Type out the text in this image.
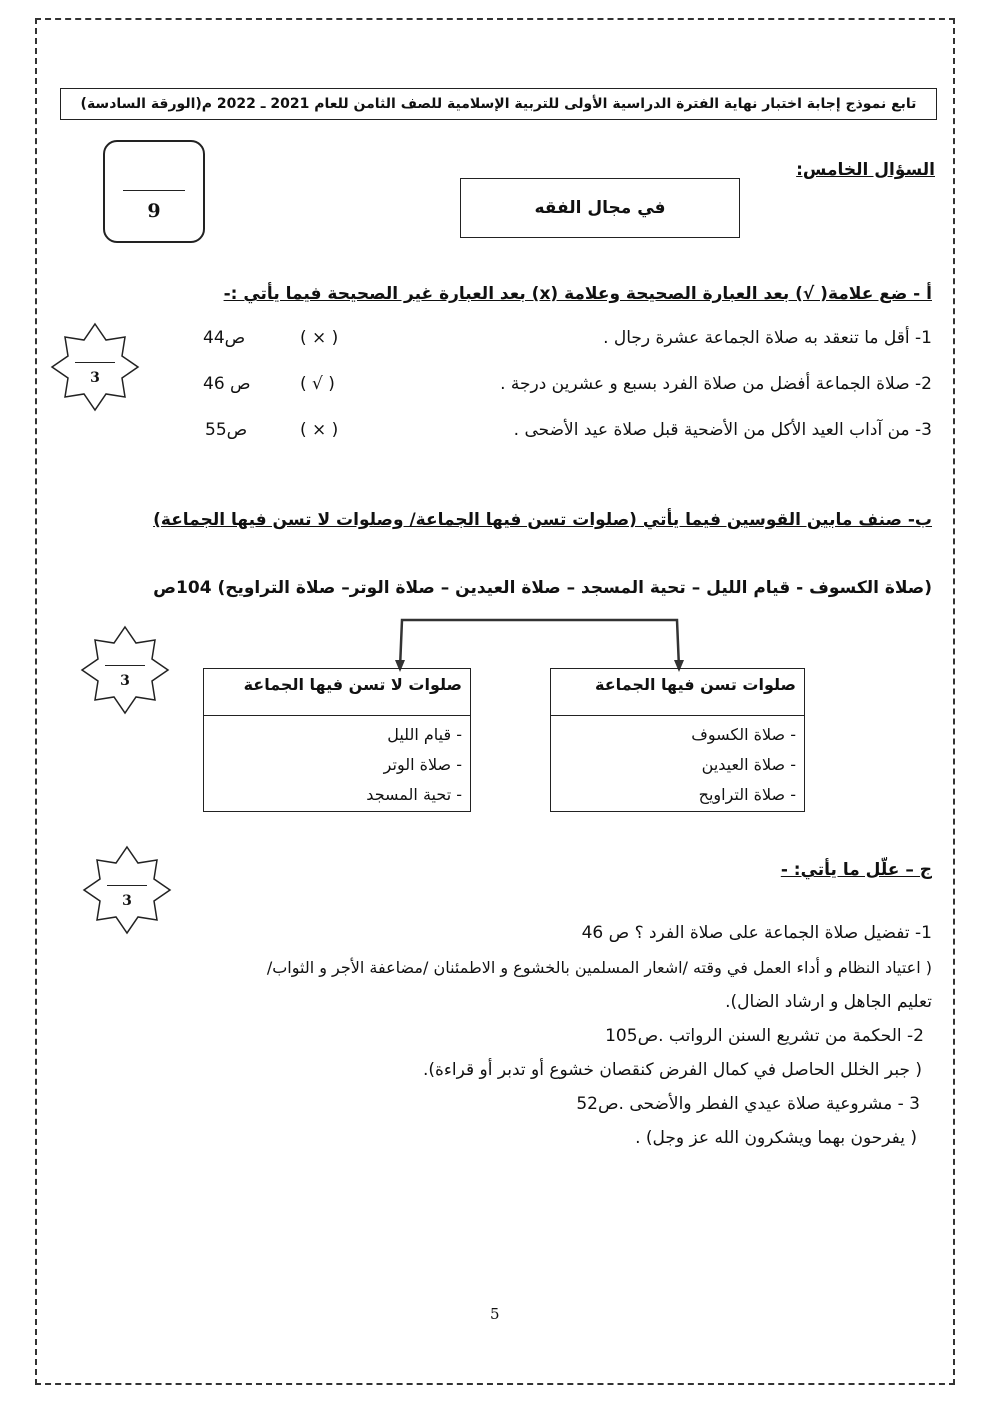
تابع نموذج إجابة اختبار نهاية الفترة الدراسية الأولى للتربية الإسلامية للصف الثامن للعام 2021 ـ 2022 م(الورقة السادسة)
9	في مجال الفقه
السؤال الخامس:
أ - ضع علامة( √) بعد العبارة الصحيحة وعلامة (x) بعد العبارة غير الصحيحة فيما يأتي :-
3
1- أقل ما تنعقد به صلاة الجماعة عشرة رجال .
( × )
ص44
2- صلاة الجماعة أفضل من صلاة الفرد بسبع و عشرين درجة .
( √ )
ص 46
3- من آداب العيد الأكل من الأضحية قبل صلاة عيد الأضحى .
( × )
ص55
ب- صنف مابين القوسين فيما يأتي (صلوات تسن فيها الجماعة/ وصلوات لا تسن فيها الجماعة)
(صلاة الكسوف - قيام الليل – تحية المسجد – صلاة العيدين – صلاة الوتر– صلاة التراويح) 104ص
3	صلوات تسن فيها الجماعة
- صلاة الكسوف
- صلاة العيدين
- صلاة التراويح
صلوات لا تسن فيها الجماعة
- قيام الليل
- صلاة الوتر
- تحية المسجد
3
ج – علّل ما يأتي: -
1- تفضيل صلاة الجماعة على صلاة الفرد ؟ ص 46
( اعتياد النظام و أداء العمل في وقته /اشعار المسلمين بالخشوع و الاطمئنان /مضاعفة الأجر و الثواب/
تعليم الجاهل و ارشاد الضال).
2- الحكمة من تشريع السنن الرواتب .ص105
( جبر الخلل الحاصل في كمال الفرض كنقصان خشوع أو تدبر أو قراءة).
3 - مشروعية صلاة عيدي الفطر والأضحى .ص52
( يفرحون بهما ويشكرون الله عز وجل) .
5
